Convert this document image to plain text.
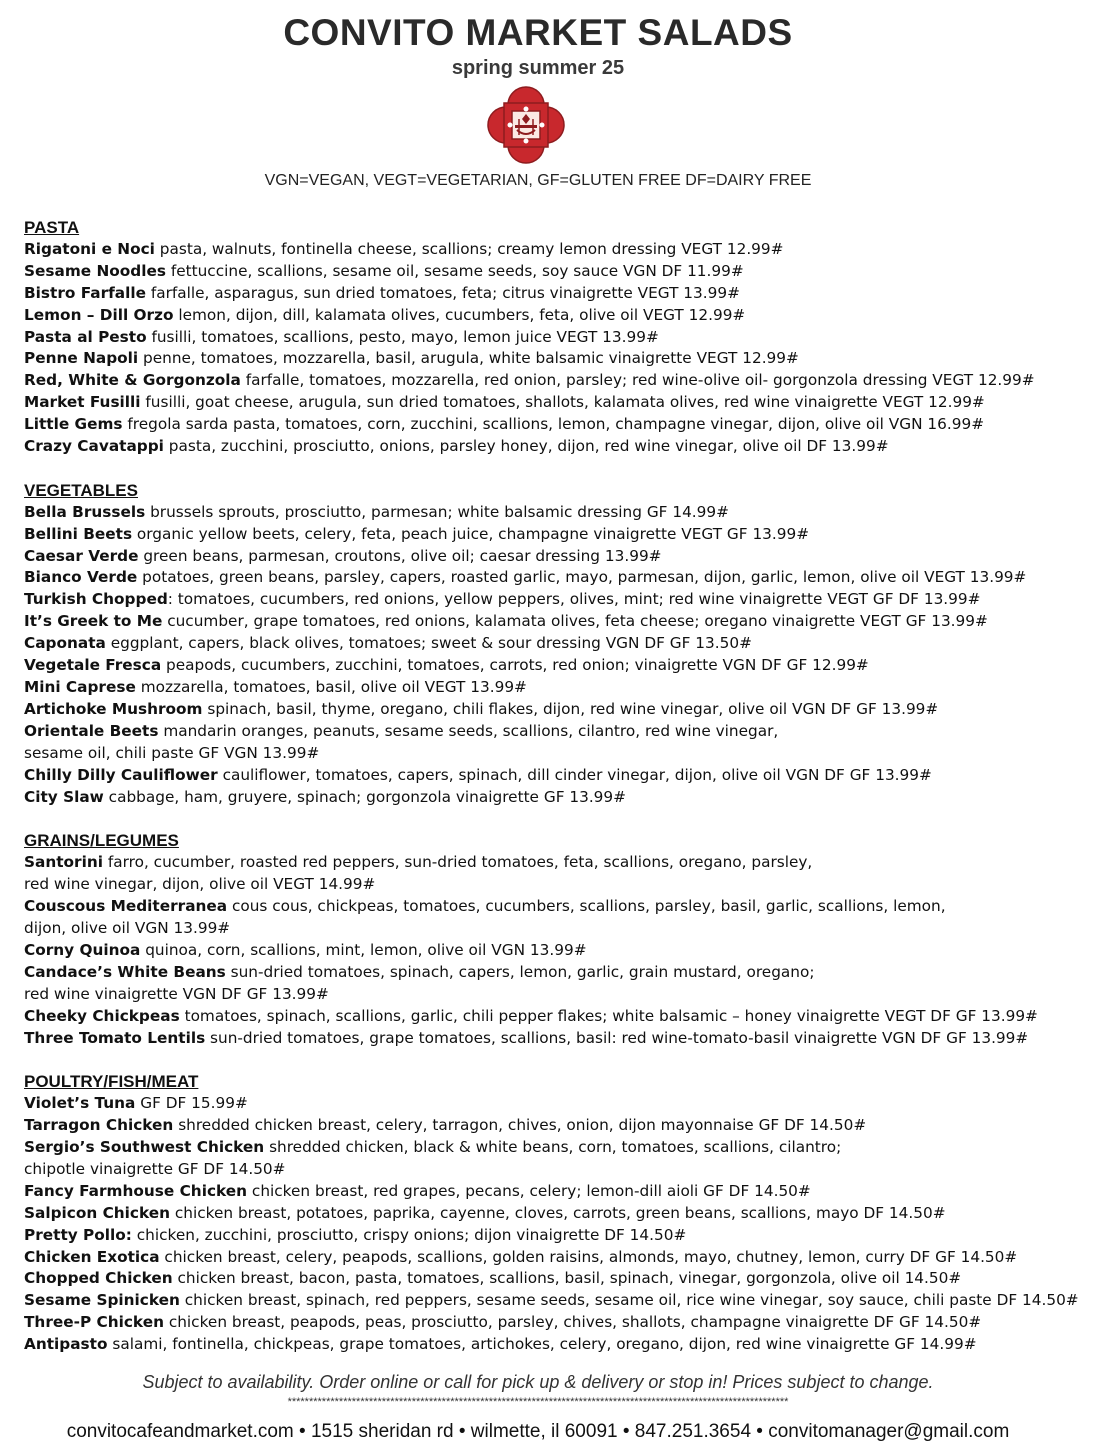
CONVITO MARKET SALADS
spring summer 25
VGN=VEGAN, VEGT=VEGETARIAN, GF=GLUTEN FREE DF=DAIRY FREE
PASTA
Rigatoni e Noci pasta, walnuts, fontinella cheese, scallions; creamy lemon dressing VEGT 12.99#
Sesame Noodles fettuccine, scallions, sesame oil, sesame seeds, soy sauce VGN DF 11.99#
Bistro Farfalle farfalle, asparagus, sun dried tomatoes, feta; citrus vinaigrette VEGT 13.99#
Lemon – Dill Orzo lemon, dijon, dill, kalamata olives, cucumbers, feta, olive oil VEGT 12.99#
Pasta al Pesto fusilli, tomatoes, scallions, pesto, mayo, lemon juice VEGT 13.99#
Penne Napoli penne, tomatoes, mozzarella, basil, arugula, white balsamic vinaigrette VEGT 12.99#
Red, White & Gorgonzola farfalle, tomatoes, mozzarella, red onion, parsley; red wine-olive oil- gorgonzola dressing VEGT 12.99#
Market Fusilli fusilli, goat cheese, arugula, sun dried tomatoes, shallots, kalamata olives, red wine vinaigrette VEGT 12.99#
Little Gems fregola sarda pasta, tomatoes, corn, zucchini, scallions, lemon, champagne vinegar, dijon, olive oil VGN 16.99#
Crazy Cavatappi pasta, zucchini, prosciutto, onions, parsley honey, dijon, red wine vinegar, olive oil DF 13.99#
VEGETABLES
Bella Brussels brussels sprouts, prosciutto, parmesan; white balsamic dressing GF 14.99#
Bellini Beets organic yellow beets, celery, feta, peach juice, champagne vinaigrette VEGT GF 13.99#
Caesar Verde green beans, parmesan, croutons, olive oil; caesar dressing 13.99#
Bianco Verde potatoes, green beans, parsley, capers, roasted garlic, mayo, parmesan, dijon, garlic, lemon, olive oil VEGT 13.99#
Turkish Chopped: tomatoes, cucumbers, red onions, yellow peppers, olives, mint; red wine vinaigrette VEGT GF DF 13.99#
It’s Greek to Me cucumber, grape tomatoes, red onions, kalamata olives, feta cheese; oregano vinaigrette VEGT GF 13.99#
Caponata eggplant, capers, black olives, tomatoes; sweet & sour dressing VGN DF GF 13.50#
Vegetale Fresca peapods, cucumbers, zucchini, tomatoes, carrots, red onion; vinaigrette VGN DF GF 12.99#
Mini Caprese mozzarella, tomatoes, basil, olive oil VEGT 13.99#
Artichoke Mushroom spinach, basil, thyme, oregano, chili flakes, dijon, red wine vinegar, olive oil VGN DF GF 13.99#
Orientale Beets mandarin oranges, peanuts, sesame seeds, scallions, cilantro, red wine vinegar,
sesame oil, chili paste GF VGN 13.99#
Chilly Dilly Cauliflower cauliflower, tomatoes, capers, spinach, dill cinder vinegar, dijon, olive oil VGN DF GF 13.99#
City Slaw cabbage, ham, gruyere, spinach; gorgonzola vinaigrette GF 13.99#
GRAINS/LEGUMES
Santorini farro, cucumber, roasted red peppers, sun-dried tomatoes, feta, scallions, oregano, parsley,
red wine vinegar, dijon, olive oil VEGT 14.99#
Couscous Mediterranea cous cous, chickpeas, tomatoes, cucumbers, scallions, parsley, basil, garlic, scallions, lemon,
dijon, olive oil VGN 13.99#
Corny Quinoa quinoa, corn, scallions, mint, lemon, olive oil VGN 13.99#
Candace’s White Beans sun-dried tomatoes, spinach, capers, lemon, garlic, grain mustard, oregano;
red wine vinaigrette VGN DF GF 13.99#
Cheeky Chickpeas tomatoes, spinach, scallions, garlic, chili pepper flakes; white balsamic – honey vinaigrette VEGT DF GF 13.99#
Three Tomato Lentils sun-dried tomatoes, grape tomatoes, scallions, basil: red wine-tomato-basil vinaigrette VGN DF GF 13.99#
POULTRY/FISH/MEAT
Violet’s Tuna GF DF 15.99#
Tarragon Chicken shredded chicken breast, celery, tarragon, chives, onion, dijon mayonnaise GF DF 14.50#
Sergio’s Southwest Chicken shredded chicken, black & white beans, corn, tomatoes, scallions, cilantro;
chipotle vinaigrette GF DF 14.50#
Fancy Farmhouse Chicken chicken breast, red grapes, pecans, celery; lemon-dill aioli GF DF 14.50#
Salpicon Chicken chicken breast, potatoes, paprika, cayenne, cloves, carrots, green beans, scallions, mayo DF 14.50#
Pretty Pollo: chicken, zucchini, prosciutto, crispy onions; dijon vinaigrette DF 14.50#
Chicken Exotica chicken breast, celery, peapods, scallions, golden raisins, almonds, mayo, chutney, lemon, curry DF GF 14.50#
Chopped Chicken chicken breast, bacon, pasta, tomatoes, scallions, basil, spinach, vinegar, gorgonzola, olive oil 14.50#
Sesame Spinicken chicken breast, spinach, red peppers, sesame seeds, sesame oil, rice wine vinegar, soy sauce, chili paste DF 14.50#
Three-P Chicken chicken breast, peapods, peas, prosciutto, parsley, chives, shallots, champagne vinaigrette DF GF 14.50#
Antipasto salami, fontinella, chickpeas, grape tomatoes, artichokes, celery, oregano, dijon, red wine vinaigrette GF 14.99#
Subject to availability. Order online or call for pick up & delivery or stop in! Prices subject to change.
*********************************************************************************************************************
convitocafeandmarket.com • 1515 sheridan rd • wilmette, il 60091 • 847.251.3654 • convitomanager@gmail.com
